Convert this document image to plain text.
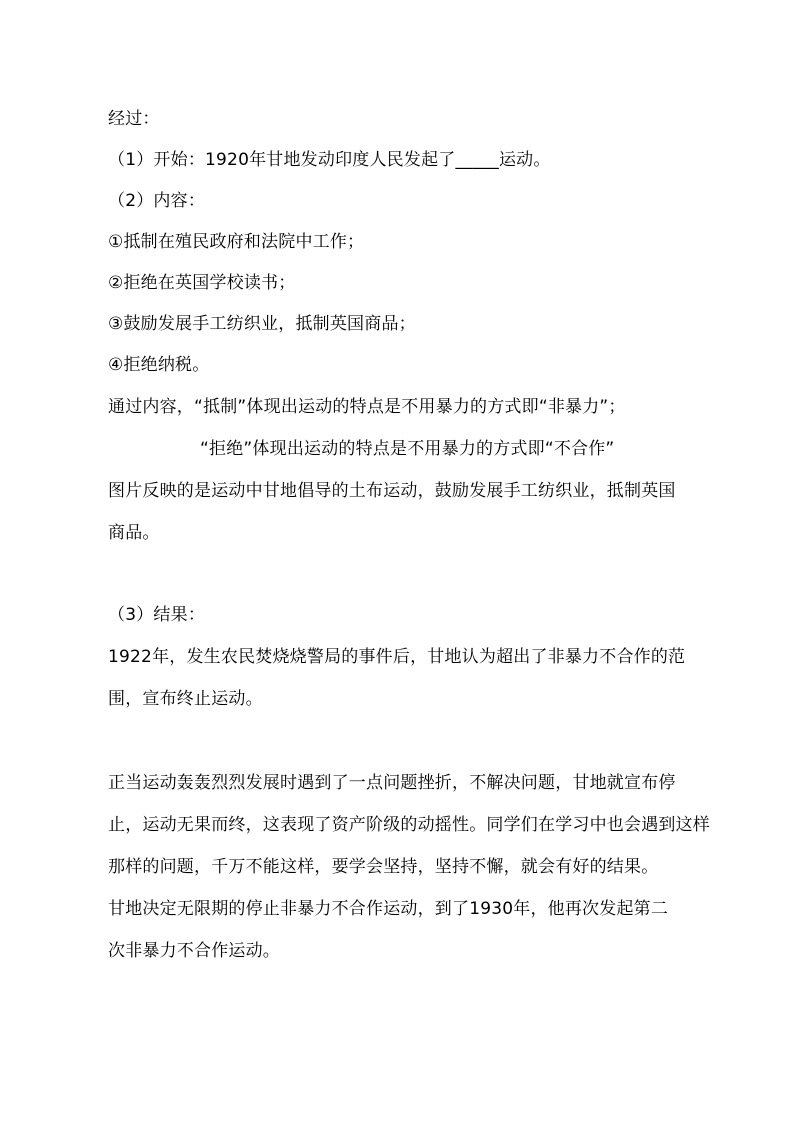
经过：
（1）开始：1920年甘地发动印度人民发起了_____运动。
（2）内容：
①抵制在殖民政府和法院中工作；
②拒绝在英国学校读书；
③鼓励发展手工纺织业，抵制英国商品；
④拒绝纳税。
通过内容，“抵制”体现出运动的特点是不用暴力的方式即“非暴力”；
“拒绝”体现出运动的特点是不用暴力的方式即“不合作”
图片反映的是运动中甘地倡导的土布运动，鼓励发展手工纺织业，抵制英国
商品。
（3）结果：
1922年，发生农民焚烧烧警局的事件后，甘地认为超出了非暴力不合作的范
围，宣布终止运动。
正当运动轰轰烈烈发展时遇到了一点问题挫折，不解决问题，甘地就宣布停
止，运动无果而终，这表现了资产阶级的动摇性。同学们在学习中也会遇到这样
那样的问题，千万不能这样，要学会坚持，坚持不懈，就会有好的结果。
甘地决定无限期的停止非暴力不合作运动，到了1930年，他再次发起第二
次非暴力不合作运动。
